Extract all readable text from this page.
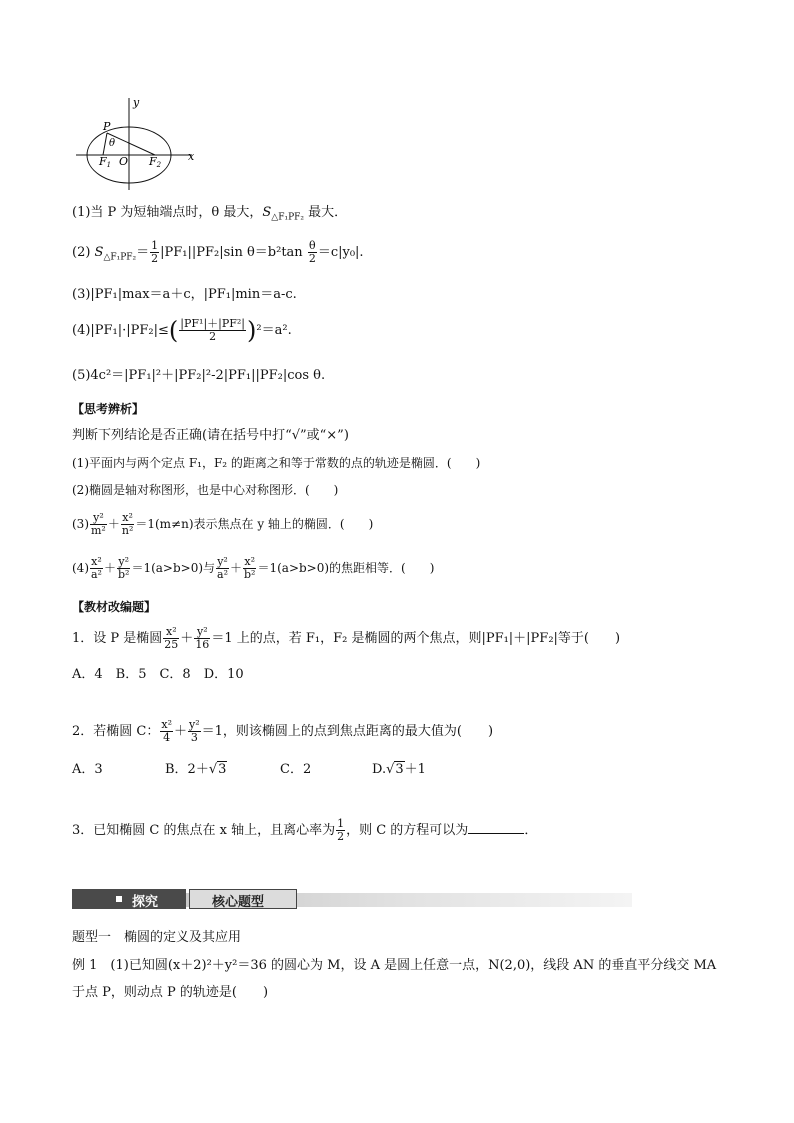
y
x
P
θ
F1 O F2
(1)当 P 为短轴端点时，θ 最大，$S_{\triangle F_1PF_2}$ 最大．
(2) $S_{\triangle F_1PF_2}= \frac{1}{2} |PF_1||PF_2|\sin$ $\theta=b^2\tan \frac{\theta}{2} =c|y_0|$.
(3)|PF₁|max＝a＋c，|PF₁|min＝a-c.
$(4)|PF_1|\cdot|PF_2|\le( \frac{\text{|PF¹|＋|PF²|}}{2} )^2=a^2$.
(5)4c²＝|PF₁|²＋|PF₂|²-2|PF₁||PF₂|cos θ.
【思考辨析】
判断下列结论是否正确(请在括号中打“√”或“×”)
(1)平面内与两个定点 F₁，F₂ 的距离之和等于常数的点的轨迹是椭圆．(　　)
(2)椭圆是轴对称图形，也是中心对称图形．(　　)
$(3) \frac{\text{y²}}{\text{m²}} + \frac{\text{x²}}{\text{n²}} =1(m\ne n)$表示焦点在 y 轴上的椭圆．(　　)
$(4) \frac{\text{x²}}{\text{a²}} + \frac{\text{y²}}{\text{b²}} =1(a>b>0)$与 $\frac{\text{y²}}{\text{a²}} + \frac{\text{x²}}{\text{b²}} =1(a>b>0)$的焦距相等．(　　)
【教材改编题】
1．设 P 是椭圆 $\frac{\text{x²}}{25} + \frac{\text{y²}}{16} =1$ 上的点，若 F₁，F₂ 是椭圆的两个焦点，则|PF₁|＋|PF₂|等于(　　)
A．4　B．5　C．8　D．10
2．若椭圆 C： $\frac{\text{x²}}{4} + \frac{\text{y²}}{3} =1$，则该椭圆上的点到焦点距离的最大值为(　　)
A．3	B．2＋√3	C．2	D.√3＋1
3．已知椭圆 C 的焦点在 x 轴上，且离心率为 $\frac{1}{2}$ ，则 C 的方程可以为	．
探究	核心题型
题型一　椭圆的定义及其应用
例 1　(1)已知圆(x＋2)²＋y²＝36 的圆心为 M，设 A 是圆上任意一点，N(2,0)，线段 AN 的垂直平分线交 MA
于点 P，则动点 P 的轨迹是(　　)
